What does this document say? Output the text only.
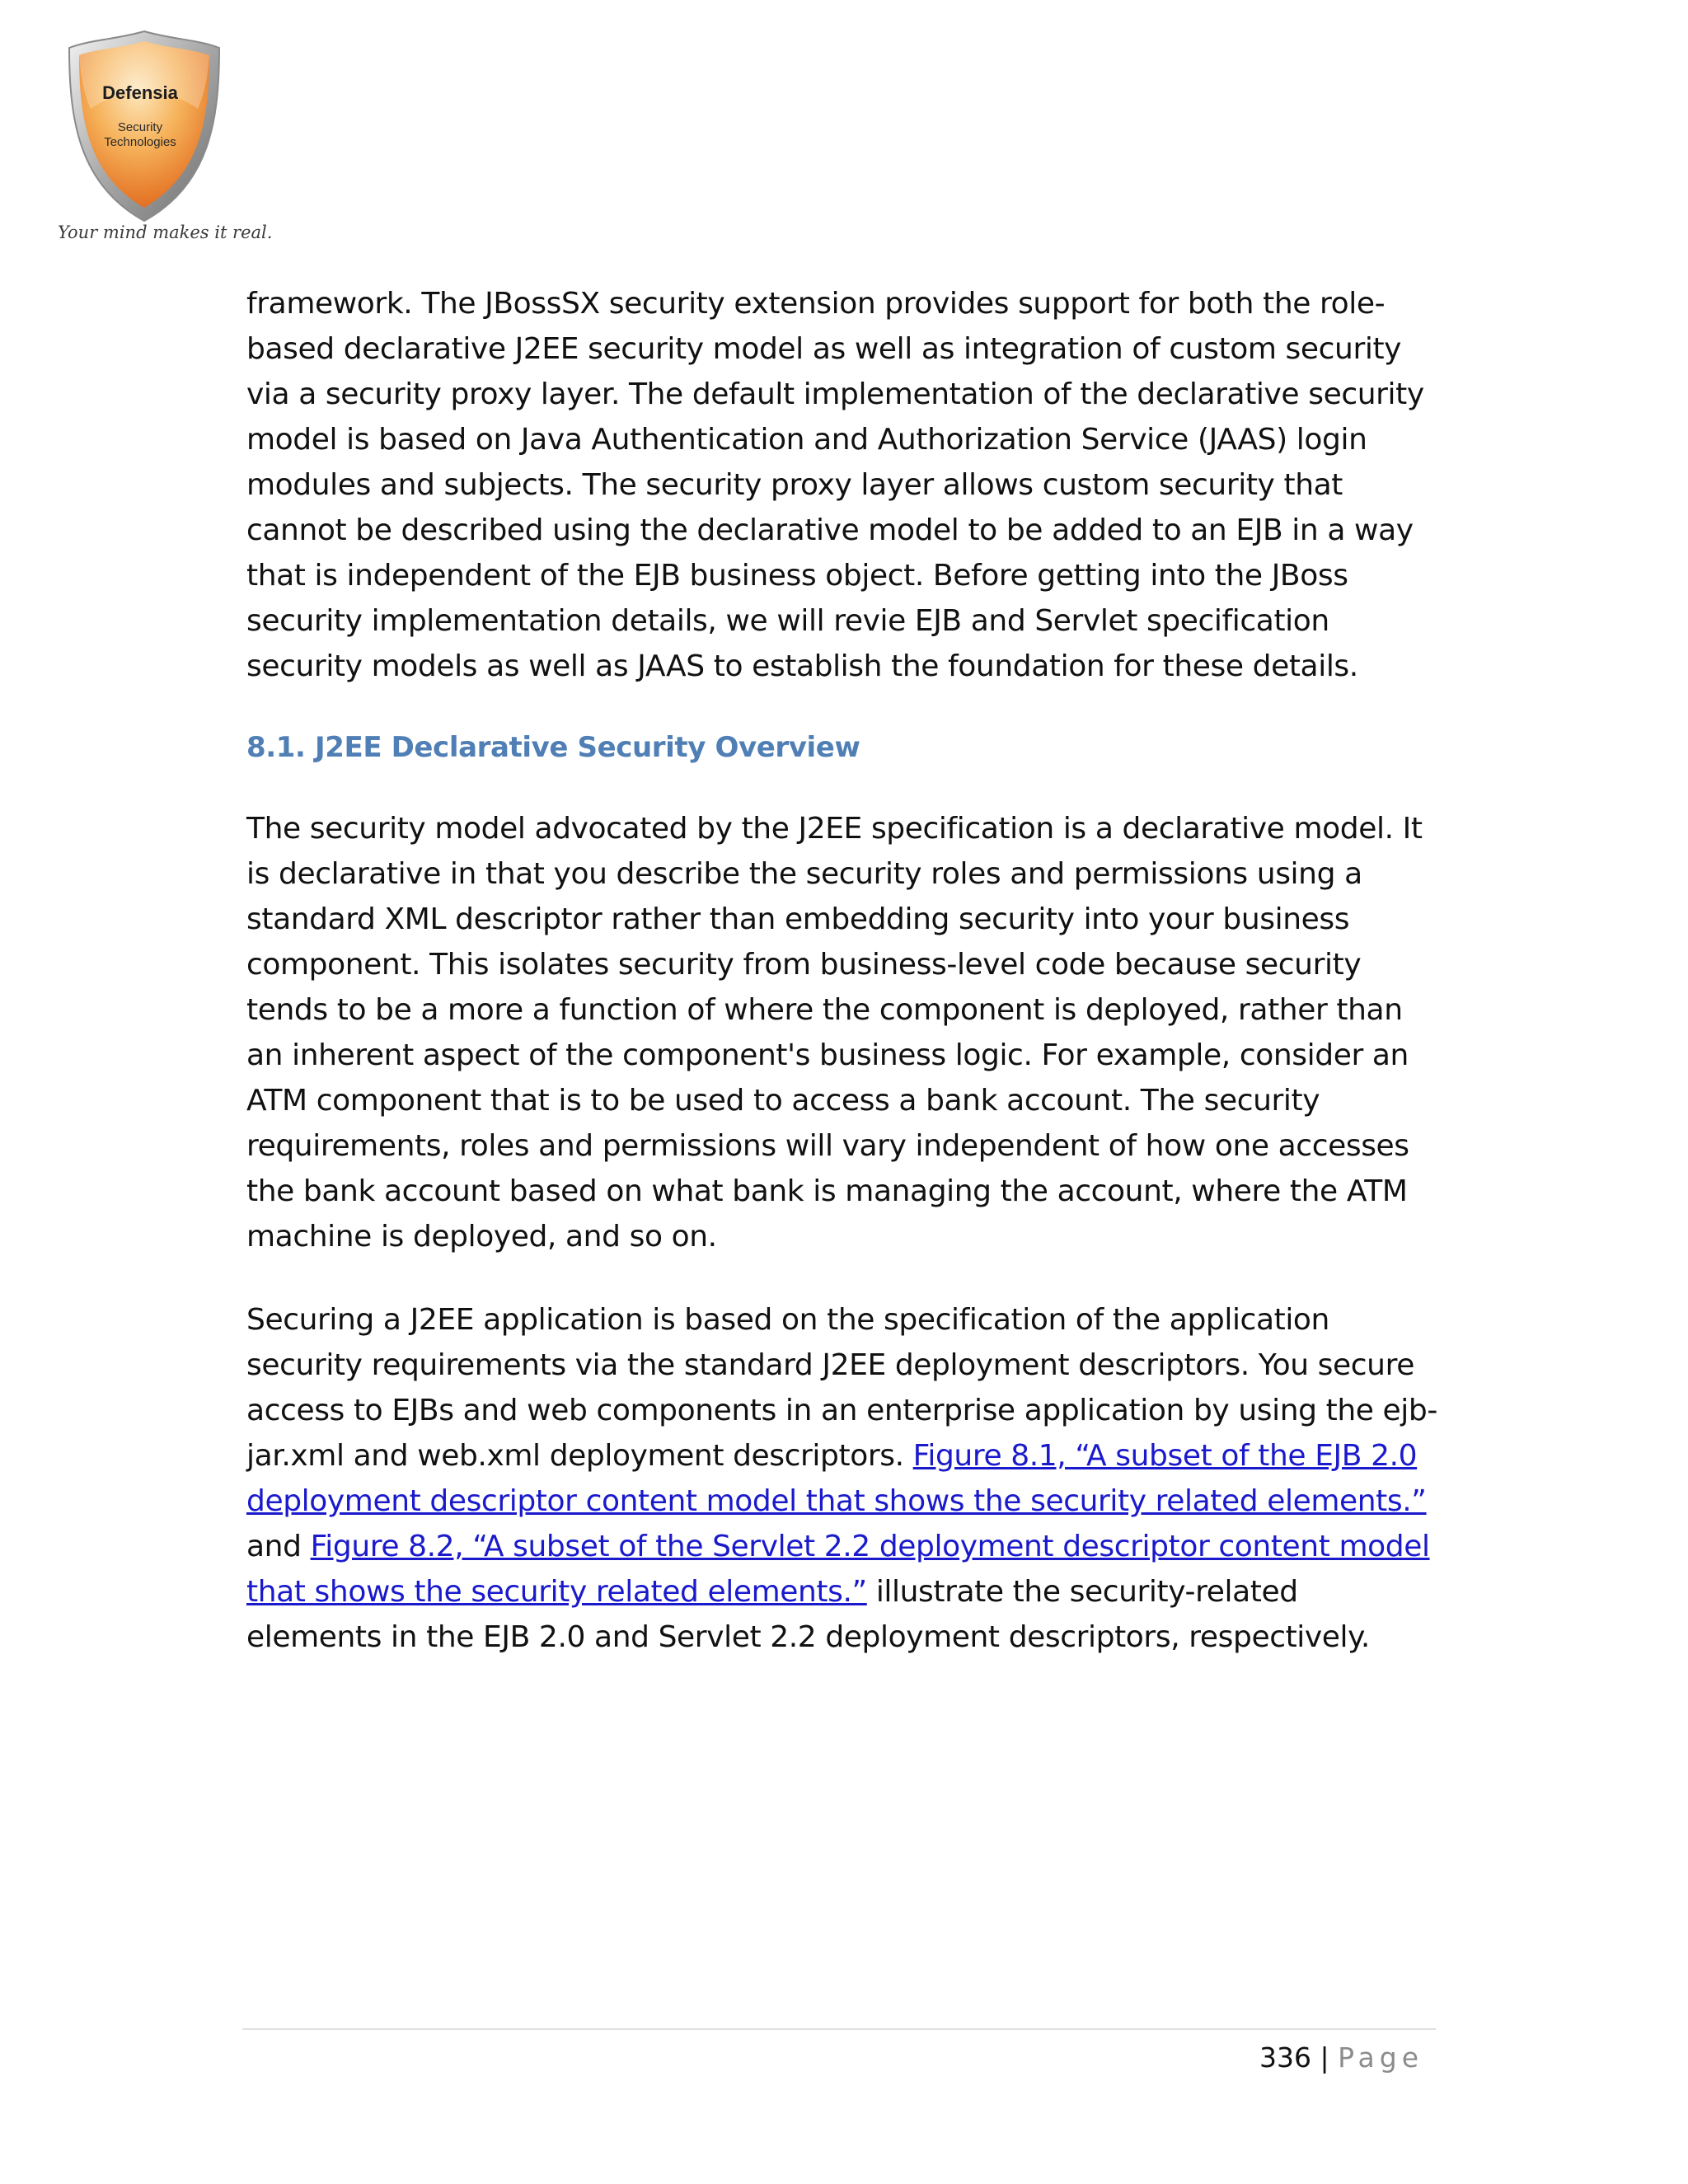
Defensia
Security
Technologies
Your mind makes it real.

framework. The JBossSX security extension provides support for both the role-based declarative J2EE security model as well as integration of custom security via a security proxy layer. The default implementation of the declarative security model is based on Java Authentication and Authorization Service (JAAS) login modules and subjects. The security proxy layer allows custom security that cannot be described using the declarative model to be added to an EJB in a way that is independent of the EJB business object. Before getting into the JBoss security implementation details, we will revie EJB and Servlet specification security models as well as JAAS to establish the foundation for these details.

8.1. J2EE Declarative Security Overview

The security model advocated by the J2EE specification is a declarative model. It is declarative in that you describe the security roles and permissions using a standard XML descriptor rather than embedding security into your business component. This isolates security from business-level code because security tends to be a more a function of where the component is deployed, rather than an inherent aspect of the component's business logic. For example, consider an ATM component that is to be used to access a bank account. The security requirements, roles and permissions will vary independent of how one accesses the bank account based on what bank is managing the account, where the ATM machine is deployed, and so on.

Securing a J2EE application is based on the specification of the application security requirements via the standard J2EE deployment descriptors. You secure access to EJBs and web components in an enterprise application by using the ejb-jar.xml and web.xml deployment descriptors. Figure 8.1, “A subset of the EJB 2.0 deployment descriptor content model that shows the security related elements.” and Figure 8.2, “A subset of the Servlet 2.2 deployment descriptor content model that shows the security related elements.” illustrate the security-related elements in the EJB 2.0 and Servlet 2.2 deployment descriptors, respectively.

336 | Page
